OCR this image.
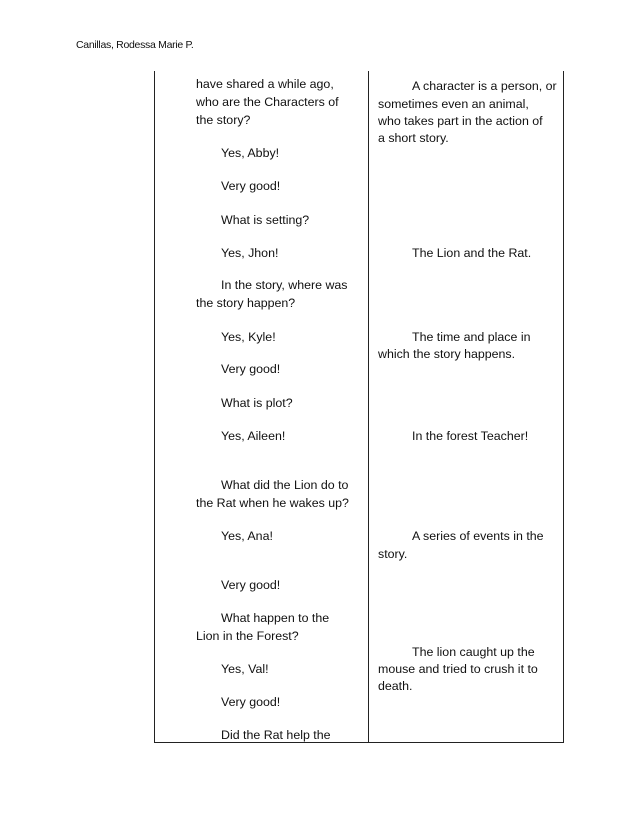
Canillas, Rodessa Marie P.
have shared a while ago,
who are the Characters of
the story?
Yes, Abby!
Very good!
What is setting?
Yes, Jhon!
In the story, where was
the story happen?
Yes, Kyle!
Very good!
What is plot?
Yes, Aileen!
What did the Lion do to
the Rat when he wakes up?
Yes, Ana!
Very good!
What happen to the
Lion in the Forest?
Yes, Val!
Very good!
Did the Rat help the
A character is a person, or
sometimes even an animal,
who takes part in the action of
a short story.
The Lion and the Rat.
The time and place in
which the story happens.
In the forest Teacher!
A series of events in the
story.
The lion caught up the
mouse and tried to crush it to
death.
